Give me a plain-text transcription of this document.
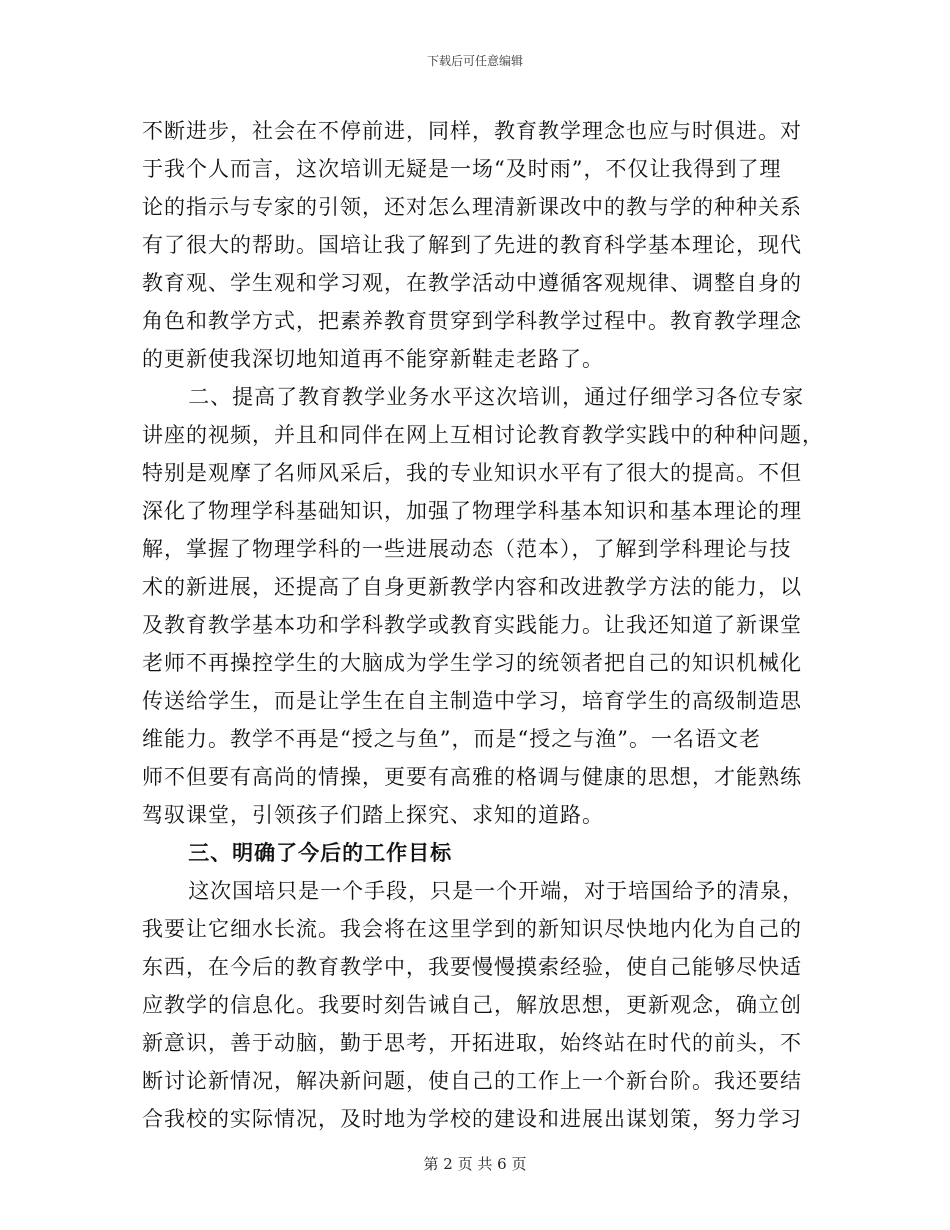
下载后可任意编辑
不断进步，社会在不停前进，同样，教育教学理念也应与时俱进。对
于我个人而言，这次培训无疑是一场“及时雨”，不仅让我得到了理
论的指示与专家的引领，还对怎么理清新课改中的教与学的种种关系
有了很大的帮助。国培让我了解到了先进的教育科学基本理论，现代
教育观、学生观和学习观，在教学活动中遵循客观规律、调整自身的
角色和教学方式，把素养教育贯穿到学科教学过程中。教育教学理念
的更新使我深切地知道再不能穿新鞋走老路了。
二、提高了教育教学业务水平这次培训，通过仔细学习各位专家
讲座的视频，并且和同伴在网上互相讨论教育教学实践中的种种问题，
特别是观摩了名师风采后，我的专业知识水平有了很大的提高。不但
深化了物理学科基础知识，加强了物理学科基本知识和基本理论的理
解，掌握了物理学科的一些进展动态（范本），了解到学科理论与技
术的新进展，还提高了自身更新教学内容和改进教学方法的能力，以
及教育教学基本功和学科教学或教育实践能力。让我还知道了新课堂
老师不再操控学生的大脑成为学生学习的统领者把自己的知识机械化
传送给学生，而是让学生在自主制造中学习，培育学生的高级制造思
维能力。教学不再是“授之与鱼”，而是“授之与渔”。一名语文老
师不但要有高尚的情操，更要有高雅的格调与健康的思想，才能熟练
驾驭课堂，引领孩子们踏上探究、求知的道路。
三、明确了今后的工作目标
这次国培只是一个手段，只是一个开端，对于培国给予的清泉，
我要让它细水长流。我会将在这里学到的新知识尽快地内化为自己的
东西，在今后的教育教学中，我要慢慢摸索经验，使自己能够尽快适
应教学的信息化。我要时刻告诫自己，解放思想，更新观念，确立创
新意识，善于动脑，勤于思考，开拓进取，始终站在时代的前头，不
断讨论新情况，解决新问题，使自己的工作上一个新台阶。我还要结
合我校的实际情况，及时地为学校的建设和进展出谋划策，努力学习
第 2 页 共 6 页
